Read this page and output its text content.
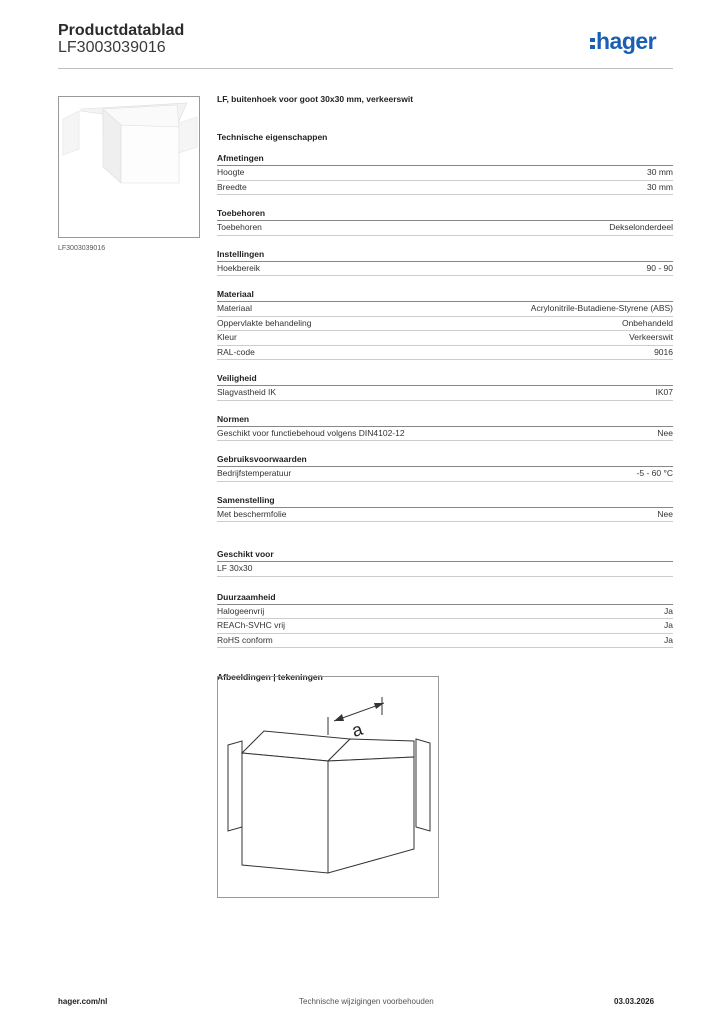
Productdatablad
LF3003039016	hager
LF3003039016
LF, buitenhoek voor goot 30x30 mm, verkeerswit
Technische eigenschappen
Afmetingen
Hoogte	30 mm
Breedte	30 mm
Toebehoren
Toebehoren	Dekselonderdeel
Instellingen
Hoekbereik	90 - 90
Materiaal
Materiaal	Acrylonitrile-Butadiene-Styrene (ABS)
Oppervlakte behandeling	Onbehandeld
Kleur	Verkeerswit
RAL-code	9016
Veiligheid
Slagvastheid IK	IK07
Normen
Geschikt voor functiebehoud volgens DIN4102-12	Nee
Gebruiksvoorwaarden
Bedrijfstemperatuur	-5 - 60 °C
Samenstelling
Met beschermfolie	Nee
Geschikt voor
LF 30x30
Duurzaamheid
Halogeenvrij	Ja
REACh-SVHC vrij	Ja
RoHS conform	Ja
Afbeeldingen | tekeningen
a
hager.com/nl	Technische wijzigingen voorbehouden	03.03.2026
